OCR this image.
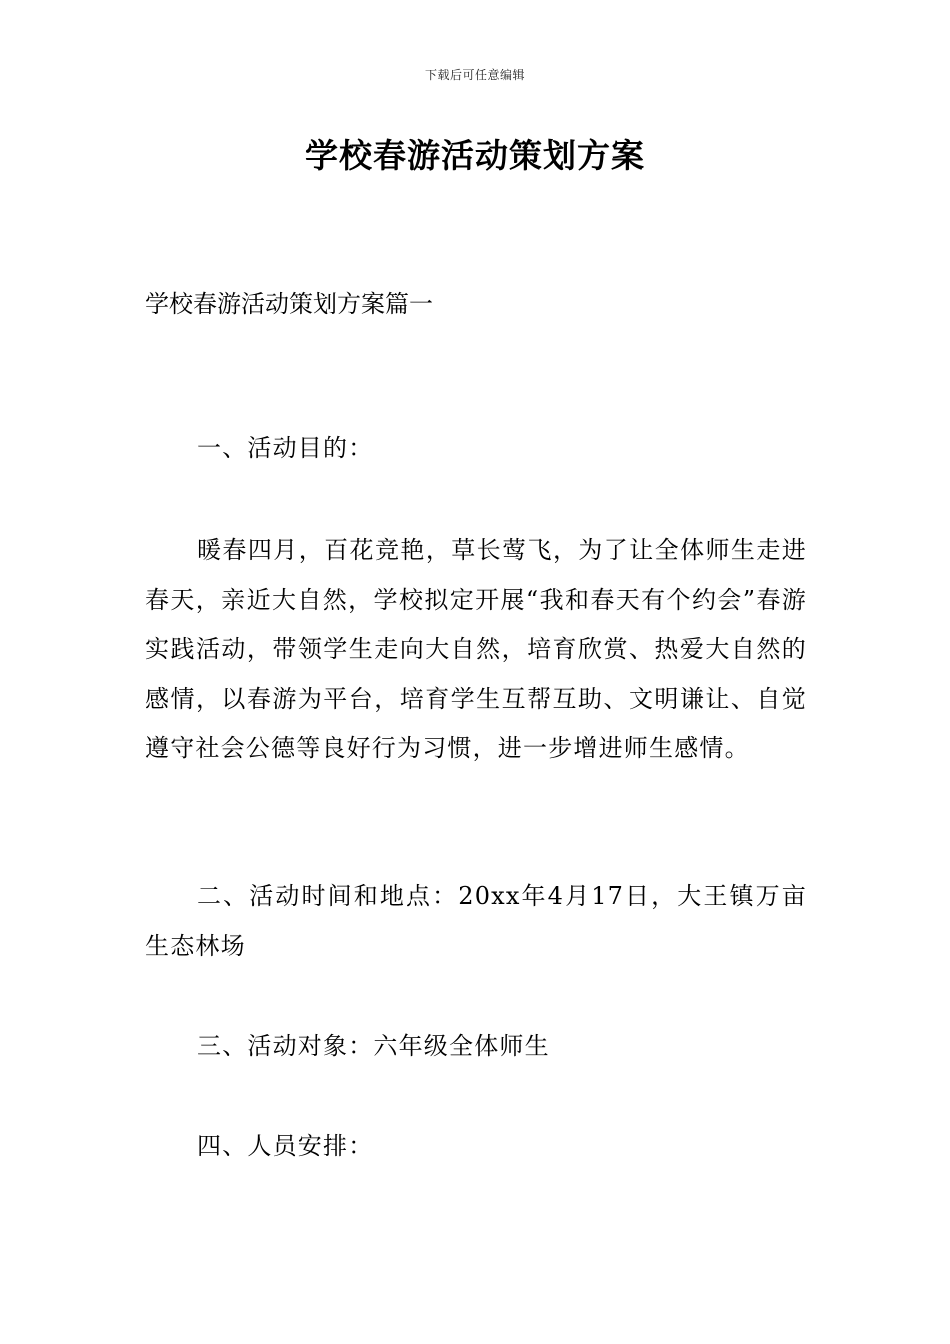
下载后可任意编辑
学校春游活动策划方案
学校春游活动策划方案篇一

一、活动目的：

暖春四月，百花竞艳，草长莺飞，为了让全体师生走进春天，亲近大自然，学校拟定开展“我和春天有个约会”春游实践活动，带领学生走向大自然，培育欣赏、热爱大自然的感情，以春游为平台，培育学生互帮互助、文明谦让、自觉遵守社会公德等良好行为习惯，进一步增进师生感情。

二、活动时间和地点：20xx年4月17日，大王镇万亩生态林场

三、活动对象：六年级全体师生

四、人员安排：
